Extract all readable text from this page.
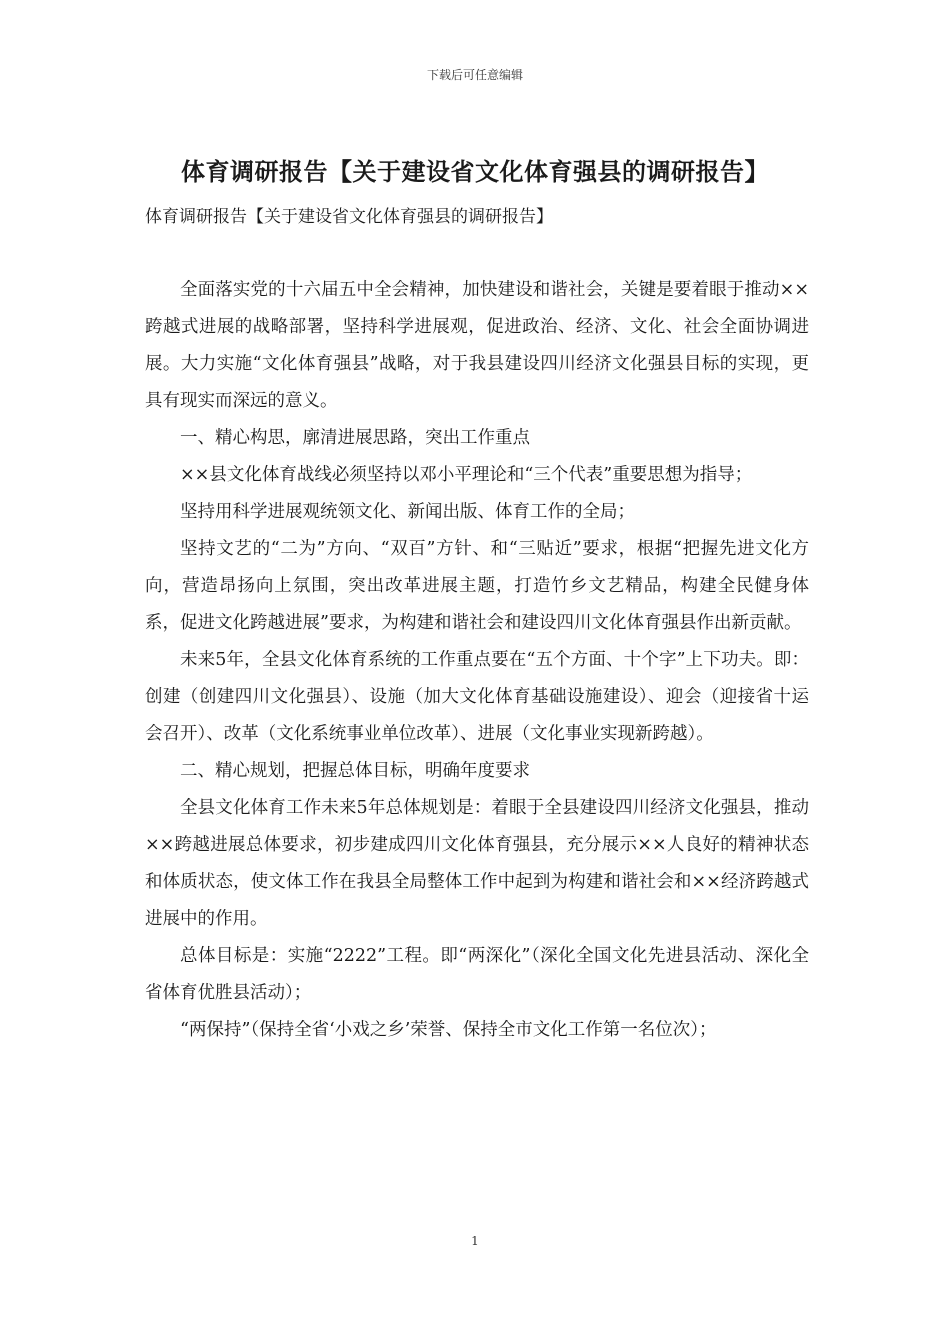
下载后可任意编辑
体育调研报告【关于建设省文化体育强县的调研报告】
体育调研报告【关于建设省文化体育强县的调研报告】

全面落实党的十六届五中全会精神，加快建设和谐社会，关键是要着眼于推动××跨越式进展的战略部署，坚持科学进展观，促进政治、经济、文化、社会全面协调进展。大力实施“文化体育强县”战略，对于我县建设四川经济文化强县目标的实现，更具有现实而深远的意义。

一、精心构思，廓清进展思路，突出工作重点

××县文化体育战线必须坚持以邓小平理论和“三个代表”重要思想为指导；

坚持用科学进展观统领文化、新闻出版、体育工作的全局；

坚持文艺的“二为”方向、“双百”方针、和“三贴近”要求，根据“把握先进文化方向，营造昂扬向上氛围，突出改革进展主题，打造竹乡文艺精品，构建全民健身体系，促进文化跨越进展”要求，为构建和谐社会和建设四川文化体育强县作出新贡献。

未来5年，全县文化体育系统的工作重点要在“五个方面、十个字”上下功夫。即：创建（创建四川文化强县）、设施（加大文化体育基础设施建设）、迎会（迎接省十运会召开）、改革（文化系统事业单位改革）、进展（文化事业实现新跨越）。

二、精心规划，把握总体目标，明确年度要求

全县文化体育工作未来5年总体规划是：着眼于全县建设四川经济文化强县，推动××跨越进展总体要求，初步建成四川文化体育强县，充分展示××人良好的精神状态和体质状态，使文体工作在我县全局整体工作中起到为构建和谐社会和××经济跨越式进展中的作用。

总体目标是：实施“2222”工程。即“两深化”（深化全国文化先进县活动、深化全省体育优胜县活动）；

“两保持”（保持全省‘小戏之乡’荣誉、保持全市文化工作第一名位次）；

1
